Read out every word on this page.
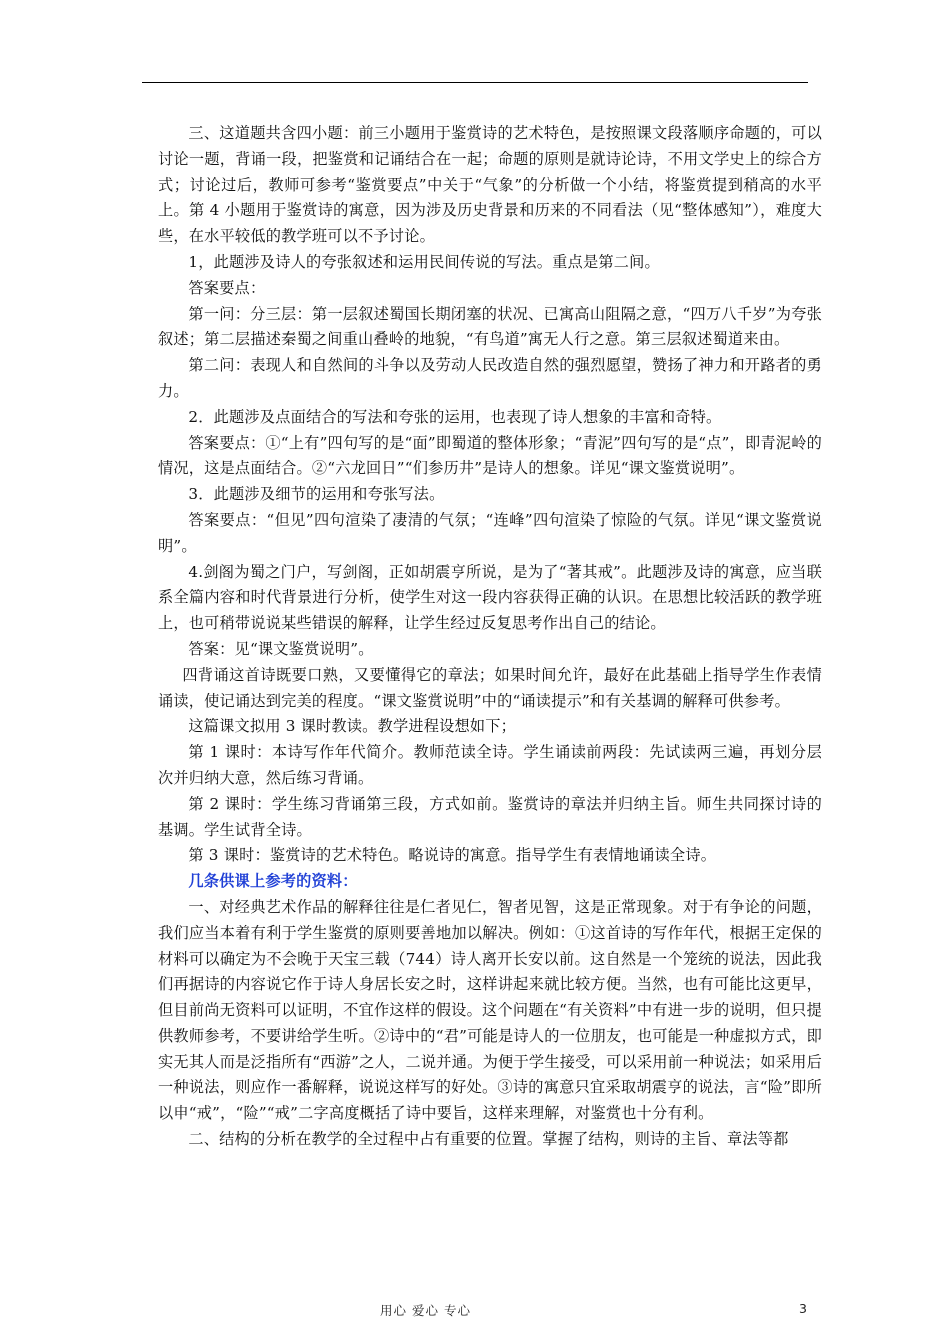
三、这道题共含四小题：前三小题用于鉴赏诗的艺术特色，是按照课文段落顺序命题的，可以讨论一题，背诵一段，把鉴赏和记诵结合在一起；命题的原则是就诗论诗，不用文学史上的综合方式；讨论过后，教师可参考“鉴赏要点”中关于“气象”的分析做一个小结，将鉴赏提到稍高的水平上。第 4 小题用于鉴赏诗的寓意，因为涉及历史背景和历来的不同看法（见“整体感知”），难度大些，在水平较低的教学班可以不予讨论。

1，此题涉及诗人的夸张叙述和运用民间传说的写法。重点是第二间。

答案要点：

第一问：分三层：第一层叙述蜀国长期闭塞的状况、已寓高山阻隔之意，“四万八千岁”为夸张叙述；第二层描述秦蜀之间重山叠岭的地貌，“有鸟道”寓无人行之意。第三层叙述蜀道来由。

第二问：表现人和自然间的斗争以及劳动人民改造自然的强烈愿望，赞扬了神力和开路者的勇力。

2．此题涉及点面结合的写法和夸张的运用，也表现了诗人想象的丰富和奇特。

答案要点：①“上有”四句写的是“面”即蜀道的整体形象；“青泥”四句写的是“点”，即青泥岭的情况，这是点面结合。②“六龙回日”“们参历井”是诗人的想象。详见“课文鉴赏说明”。

3．此题涉及细节的运用和夸张写法。

答案要点：“但见”四句渲染了凄清的气氛；“连峰”四句渲染了惊险的气氛。详见“课文鉴赏说明”。

4.剑阁为蜀之门户，写剑阁，正如胡震亨所说，是为了“著其戒”。此题涉及诗的寓意，应当联系全篇内容和时代背景进行分析，使学生对这一段内容获得正确的认识。在思想比较活跃的教学班上，也可稍带说说某些错误的解释，让学生经过反复思考作出自己的结论。

答案：见“课文鉴赏说明”。

四背诵这首诗既要口熟，又要懂得它的章法；如果时间允许，最好在此基础上指导学生作表情诵读，使记诵达到完美的程度。“课文鉴赏说明”中的“诵读提示”和有关基调的解释可供参考。

这篇课文拟用 3 课时教读。教学进程设想如下；

第 1 课时：本诗写作年代简介。教师范读全诗。学生诵读前两段：先试读两三遍，再划分层次并归纳大意，然后练习背诵。

第 2 课时：学生练习背诵第三段，方式如前。鉴赏诗的章法并归纳主旨。师生共同探讨诗的基调。学生试背全诗。

第 3 课时：鉴赏诗的艺术特色。略说诗的寓意。指导学生有表情地诵读全诗。

几条供课上参考的资料：

一、对经典艺术作品的解释往往是仁者见仁，智者见智，这是正常现象。对于有争论的问题，我们应当本着有利于学生鉴赏的原则要善地加以解决。例如：①这首诗的写作年代，根据王定保的材料可以确定为不会晚于天宝三载（744）诗人离开长安以前。这自然是一个笼统的说法，因此我们再据诗的内容说它作于诗人身居长安之时，这样讲起来就比较方便。当然，也有可能比这更早，但目前尚无资料可以证明，不宜作这样的假设。这个问题在“有关资料”中有进一步的说明，但只提供教师参考，不要讲给学生听。②诗中的“君”可能是诗人的一位朋友，也可能是一种虚拟方式，即实无其人而是泛指所有“西游”之人，二说并通。为便于学生接受，可以采用前一种说法；如采用后一种说法，则应作一番解释，说说这样写的好处。③诗的寓意只宜采取胡震亨的说法，言“险”即所以申“戒”，“险”“戒”二字高度概括了诗中要旨，这样来理解，对鉴赏也十分有利。

二、结构的分析在教学的全过程中占有重要的位置。掌握了结构，则诗的主旨、章法等都

用心 爱心 专心	3
